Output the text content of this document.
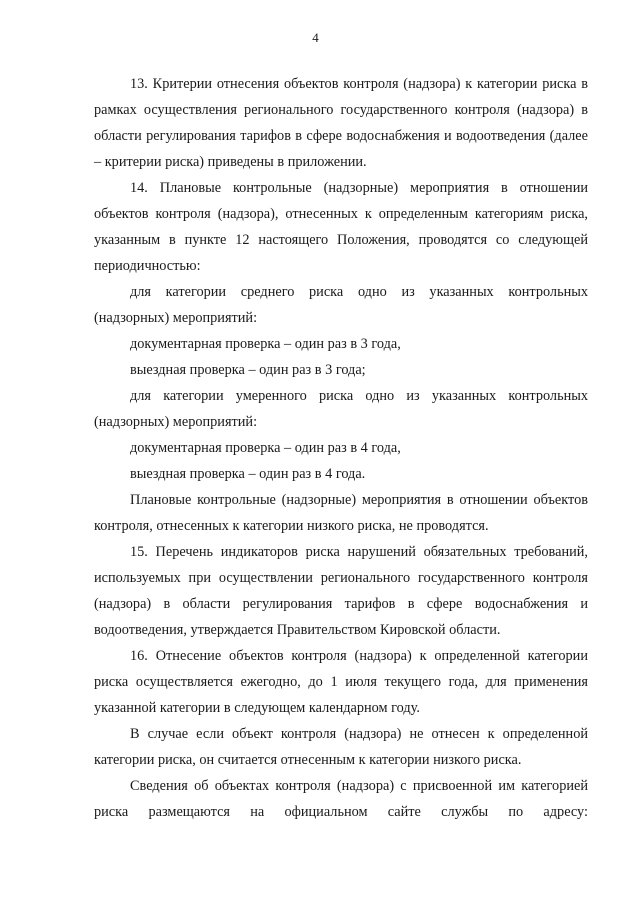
4

13. Критерии отнесения объектов контроля (надзора) к категории риска в рамках осуществления регионального государственного контроля (надзора) в области регулирования тарифов в сфере водоснабжения и водоотведения (далее – критерии риска) приведены в приложении.

14. Плановые контрольные (надзорные) мероприятия в отношении объектов контроля (надзора), отнесенных к определенным категориям риска, указанным в пункте 12 настоящего Положения, проводятся со следующей периодичностью:

для категории среднего риска одно из указанных контрольных (надзорных) мероприятий:

документарная проверка – один раз в 3 года,

выездная проверка – один раз в 3 года;

для категории умеренного риска одно из указанных контрольных (надзорных) мероприятий:

документарная проверка – один раз в 4 года,

выездная проверка – один раз в 4 года.

Плановые контрольные (надзорные) мероприятия в отношении объектов контроля, отнесенных к категории низкого риска, не проводятся.

15. Перечень индикаторов риска нарушений обязательных требований, используемых при осуществлении регионального государственного контроля (надзора) в области регулирования тарифов в сфере водоснабжения и водоотведения, утверждается Правительством Кировской области.

16. Отнесение объектов контроля (надзора) к определенной категории риска осуществляется ежегодно, до 1 июля текущего года, для применения указанной категории в следующем календарном году.

В случае если объект контроля (надзора) не отнесен к определенной категории риска, он считается отнесенным к категории низкого риска.

Сведения об объектах контроля (надзора) с присвоенной им категорией риска размещаются на официальном сайте службы по адресу:
